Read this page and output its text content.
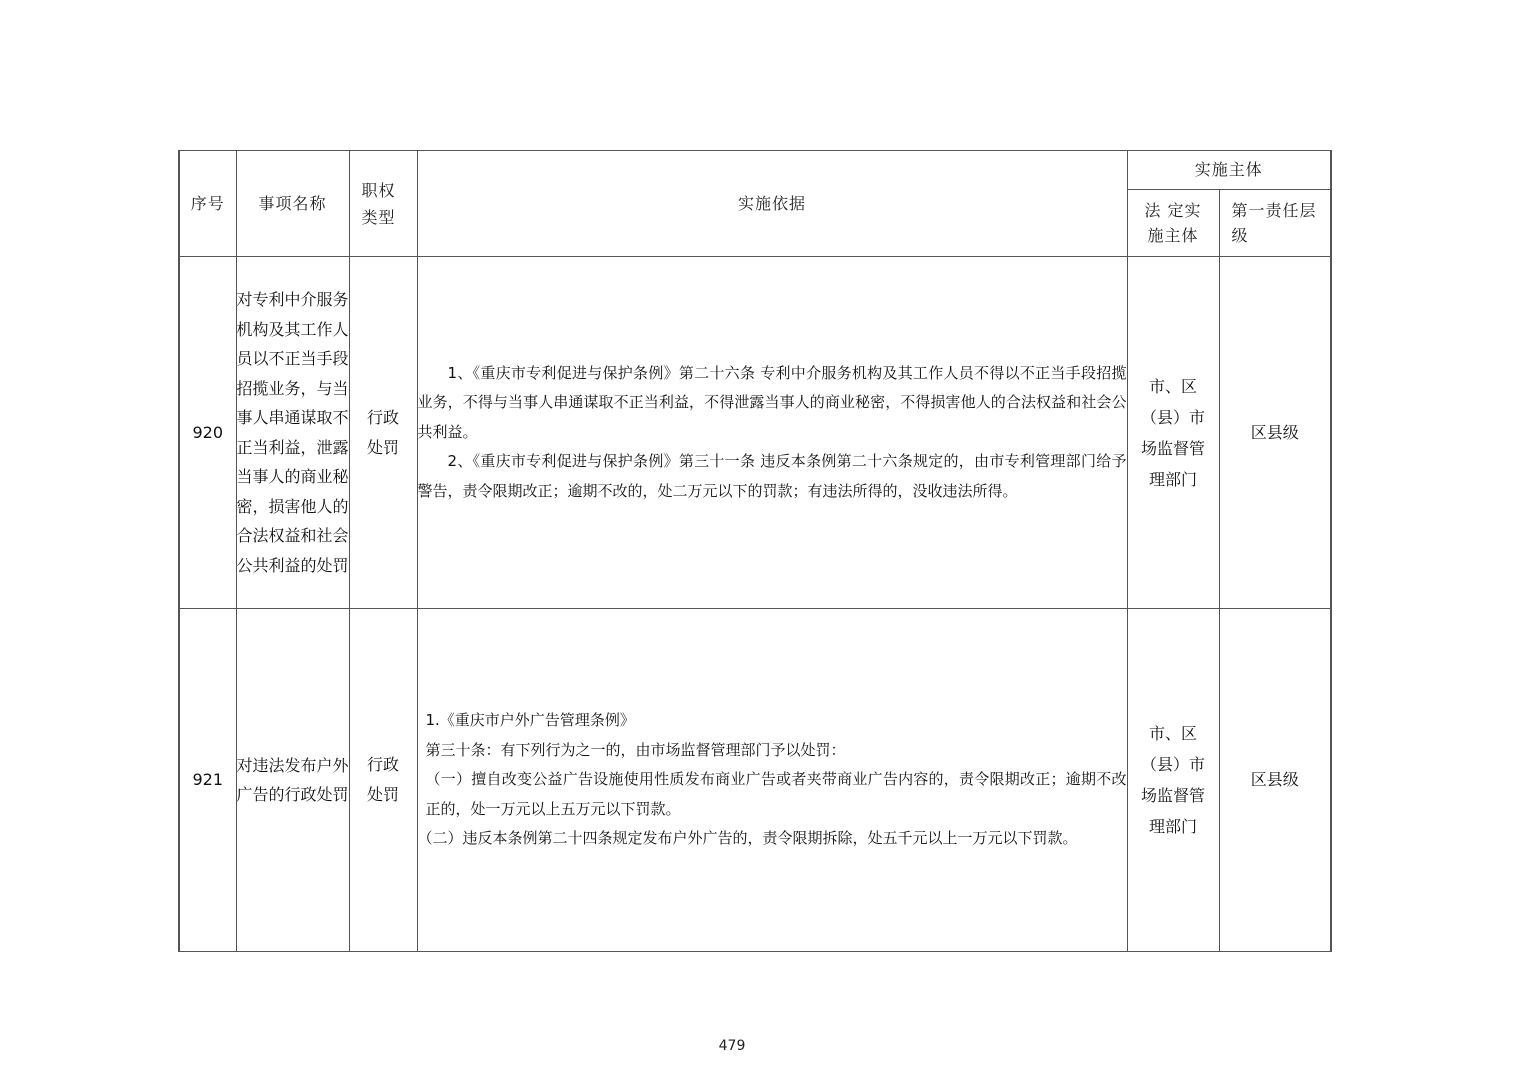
序号	事项名称	职权类型	实施依据	实施主体	

				法 定实施主体	第一责任层级

920	对专利中介服务机构及其工作人员以不正当手段招揽业务，与当事人串通谋取不正当利益，泄露当事人的商业秘密，损害他人的合法权益和社会公共利益的处罚	行政处罚	1、《重庆市专利促进与保护条例》第二十六条 专利中介服务机构及其工作人员不得以不正当手段招揽业务，不得与当事人串通谋取不正当利益，不得泄露当事人的商业秘密，不得损害他人的合法权益和社会公共利益。

2、《重庆市专利促进与保护条例》第三十一条 违反本条例第二十六条规定的，由市专利管理部门给予警告，责令限期改正；逾期不改的，处二万元以下的罚款；有违法所得的，没收违法所得。	市、区（县）市场监督管理部门	区县级
921	对违法发布户外广告的行政处罚	行政处罚	1.《重庆市户外广告管理条例》

第三十条：有下列行为之一的，由市场监督管理部门予以处罚：

（一）擅自改变公益广告设施使用性质发布商业广告或者夹带商业广告内容的，责令限期改正；逾期不改正的，处一万元以上五万元以下罚款。

（二）违反本条例第二十四条规定发布户外广告的，责令限期拆除，处五千元以上一万元以下罚款。	市、区（县）市场监督管理部门	区县级
479
